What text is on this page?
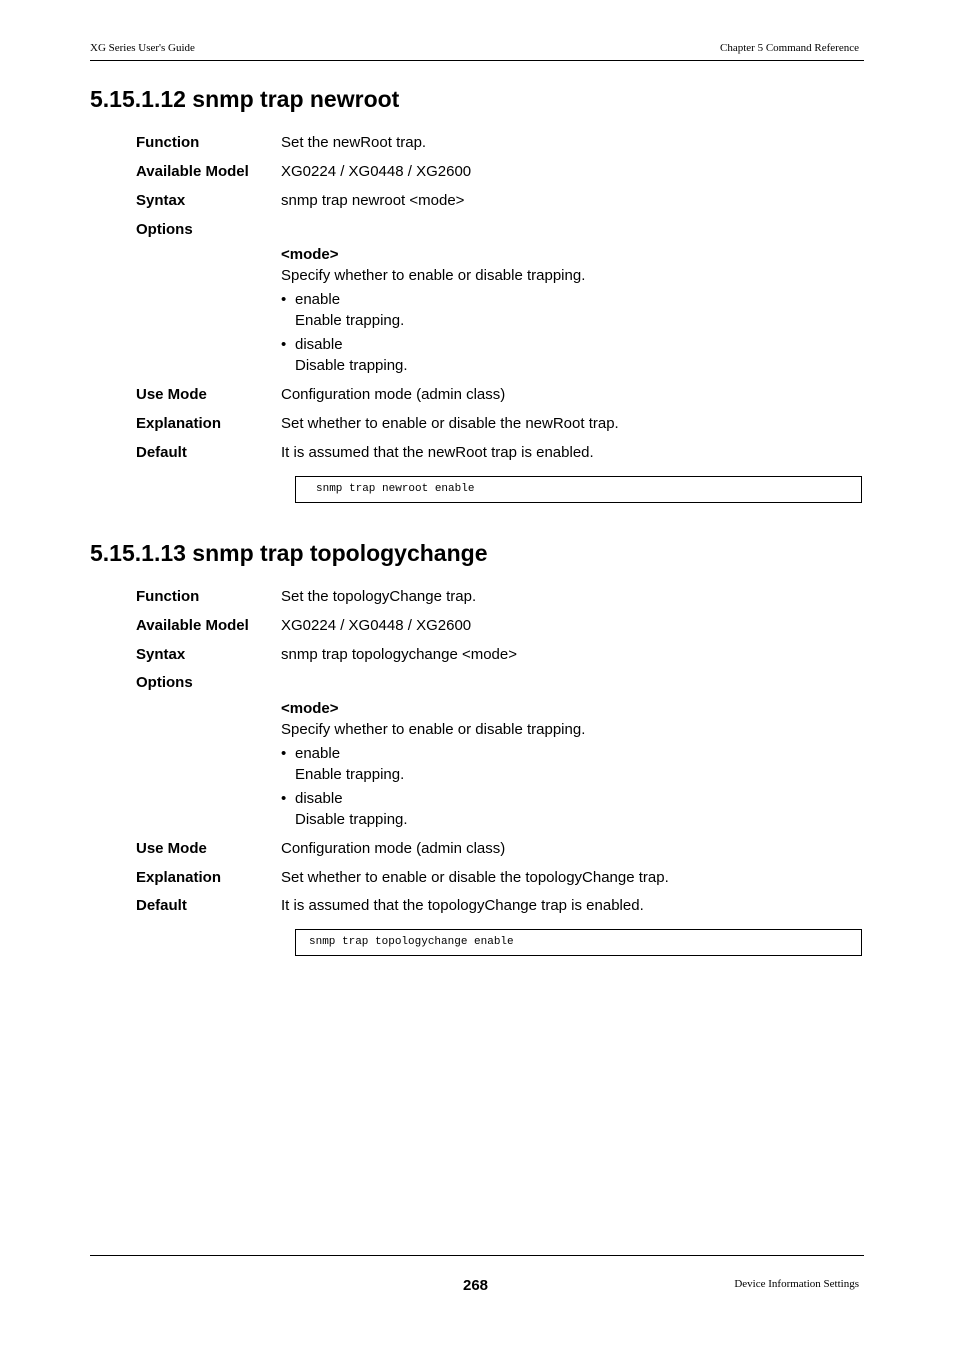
XG Series User's Guide	Chapter 5 Command Reference
5.15.1.12 snmp trap newroot
Function	Set the newRoot trap.
Available Model XG0224 / XG0448 / XG2600
Syntax	snmp trap newroot <mode>
Options
<mode>
Specify whether to enable or disable trapping.
• enable
Enable trapping.
• disable
Disable trapping.
Use Mode	Configuration mode (admin class)
Explanation	Set whether to enable or disable the newRoot trap.
Default	It is assumed that the newRoot trap is enabled.
snmp trap newroot enable
5.15.1.13 snmp trap topologychange
Function	Set the topologyChange trap.
Available Model XG0224 / XG0448 / XG2600
Syntax	snmp trap topologychange <mode>
Options
<mode>
Specify whether to enable or disable trapping.
• enable
Enable trapping.
• disable
Disable trapping.
Use Mode	Configuration mode (admin class)
Explanation	Set whether to enable or disable the topologyChange trap.
Default	It is assumed that the topologyChange trap is enabled.
snmp trap topologychange enable
268	Device Information Settings
